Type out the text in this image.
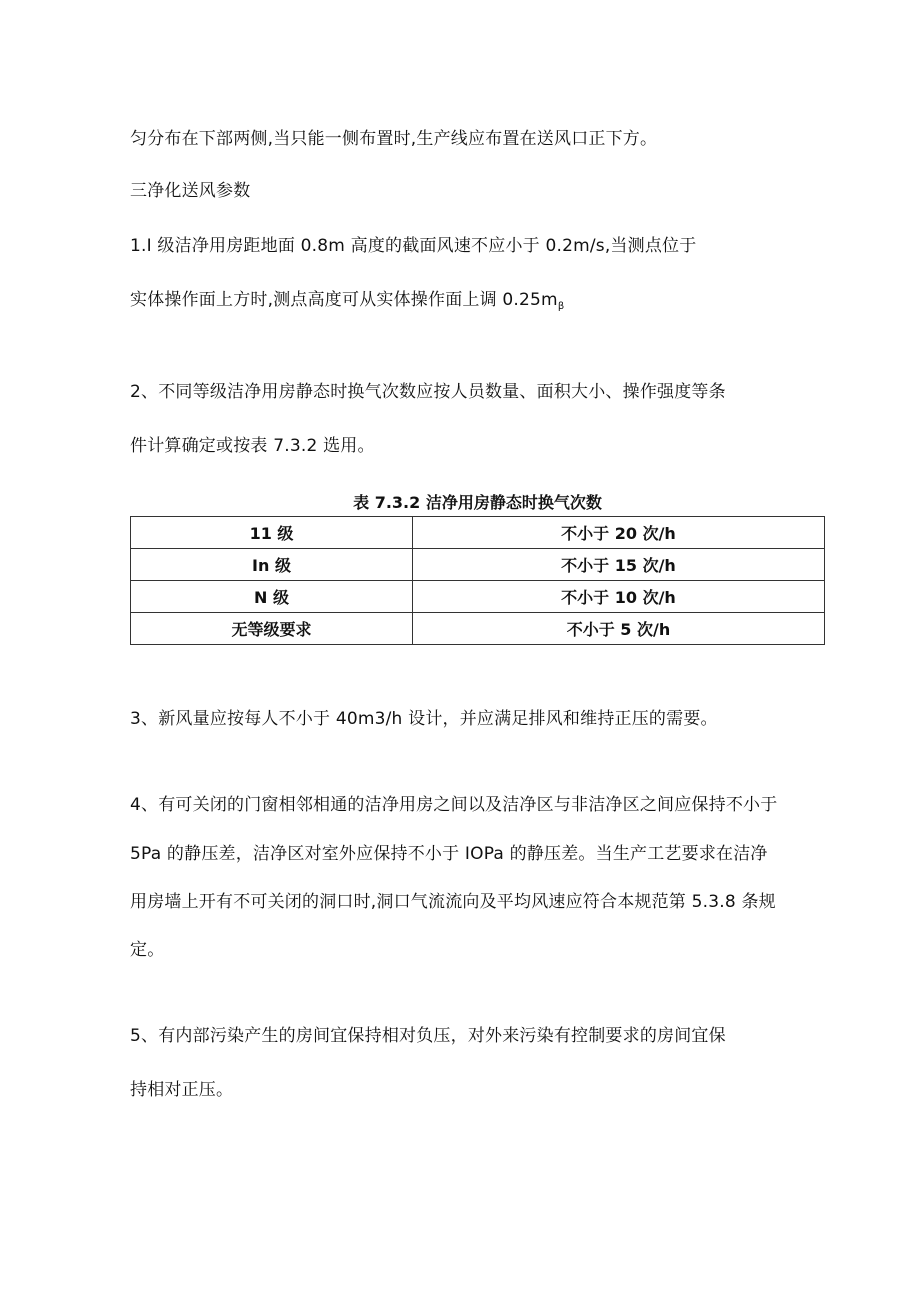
匀分布在下部两侧,当只能一侧布置时,生产线应布置在送风口正下方。
三净化送风参数
1.I 级洁净用房距地面 0.8m 高度的截面风速不应小于 0.2m/s,当测点位于
实体操作面上方时,测点高度可从实体操作面上调 $0.25m_\beta$
2、不同等级洁净用房静态时换气次数应按人员数量、面积大小、操作强度等条
件计算确定或按表 7.3.2 选用。
表 7.3.2 洁净用房静态时换气次数
11 级	不小于 20 次/h
In 级	不小于 15 次/h
N 级	不小于 10 次/h
无等级要求	不小于 5 次/h
3、新风量应按每人不小于 40m3/h 设计，并应满足排风和维持正压的需要。
4、有可关闭的门窗相邻相通的洁净用房之间以及洁净区与非洁净区之间应保持不小于
5Pa 的静压差，洁净区对室外应保持不小于 IOPa 的静压差。当生产工艺要求在洁净
用房墙上开有不可关闭的洞口时,洞口气流流向及平均风速应符合本规范第 5.3.8 条规
定。
5、有内部污染产生的房间宜保持相对负压，对外来污染有控制要求的房间宜保
持相对正压。
